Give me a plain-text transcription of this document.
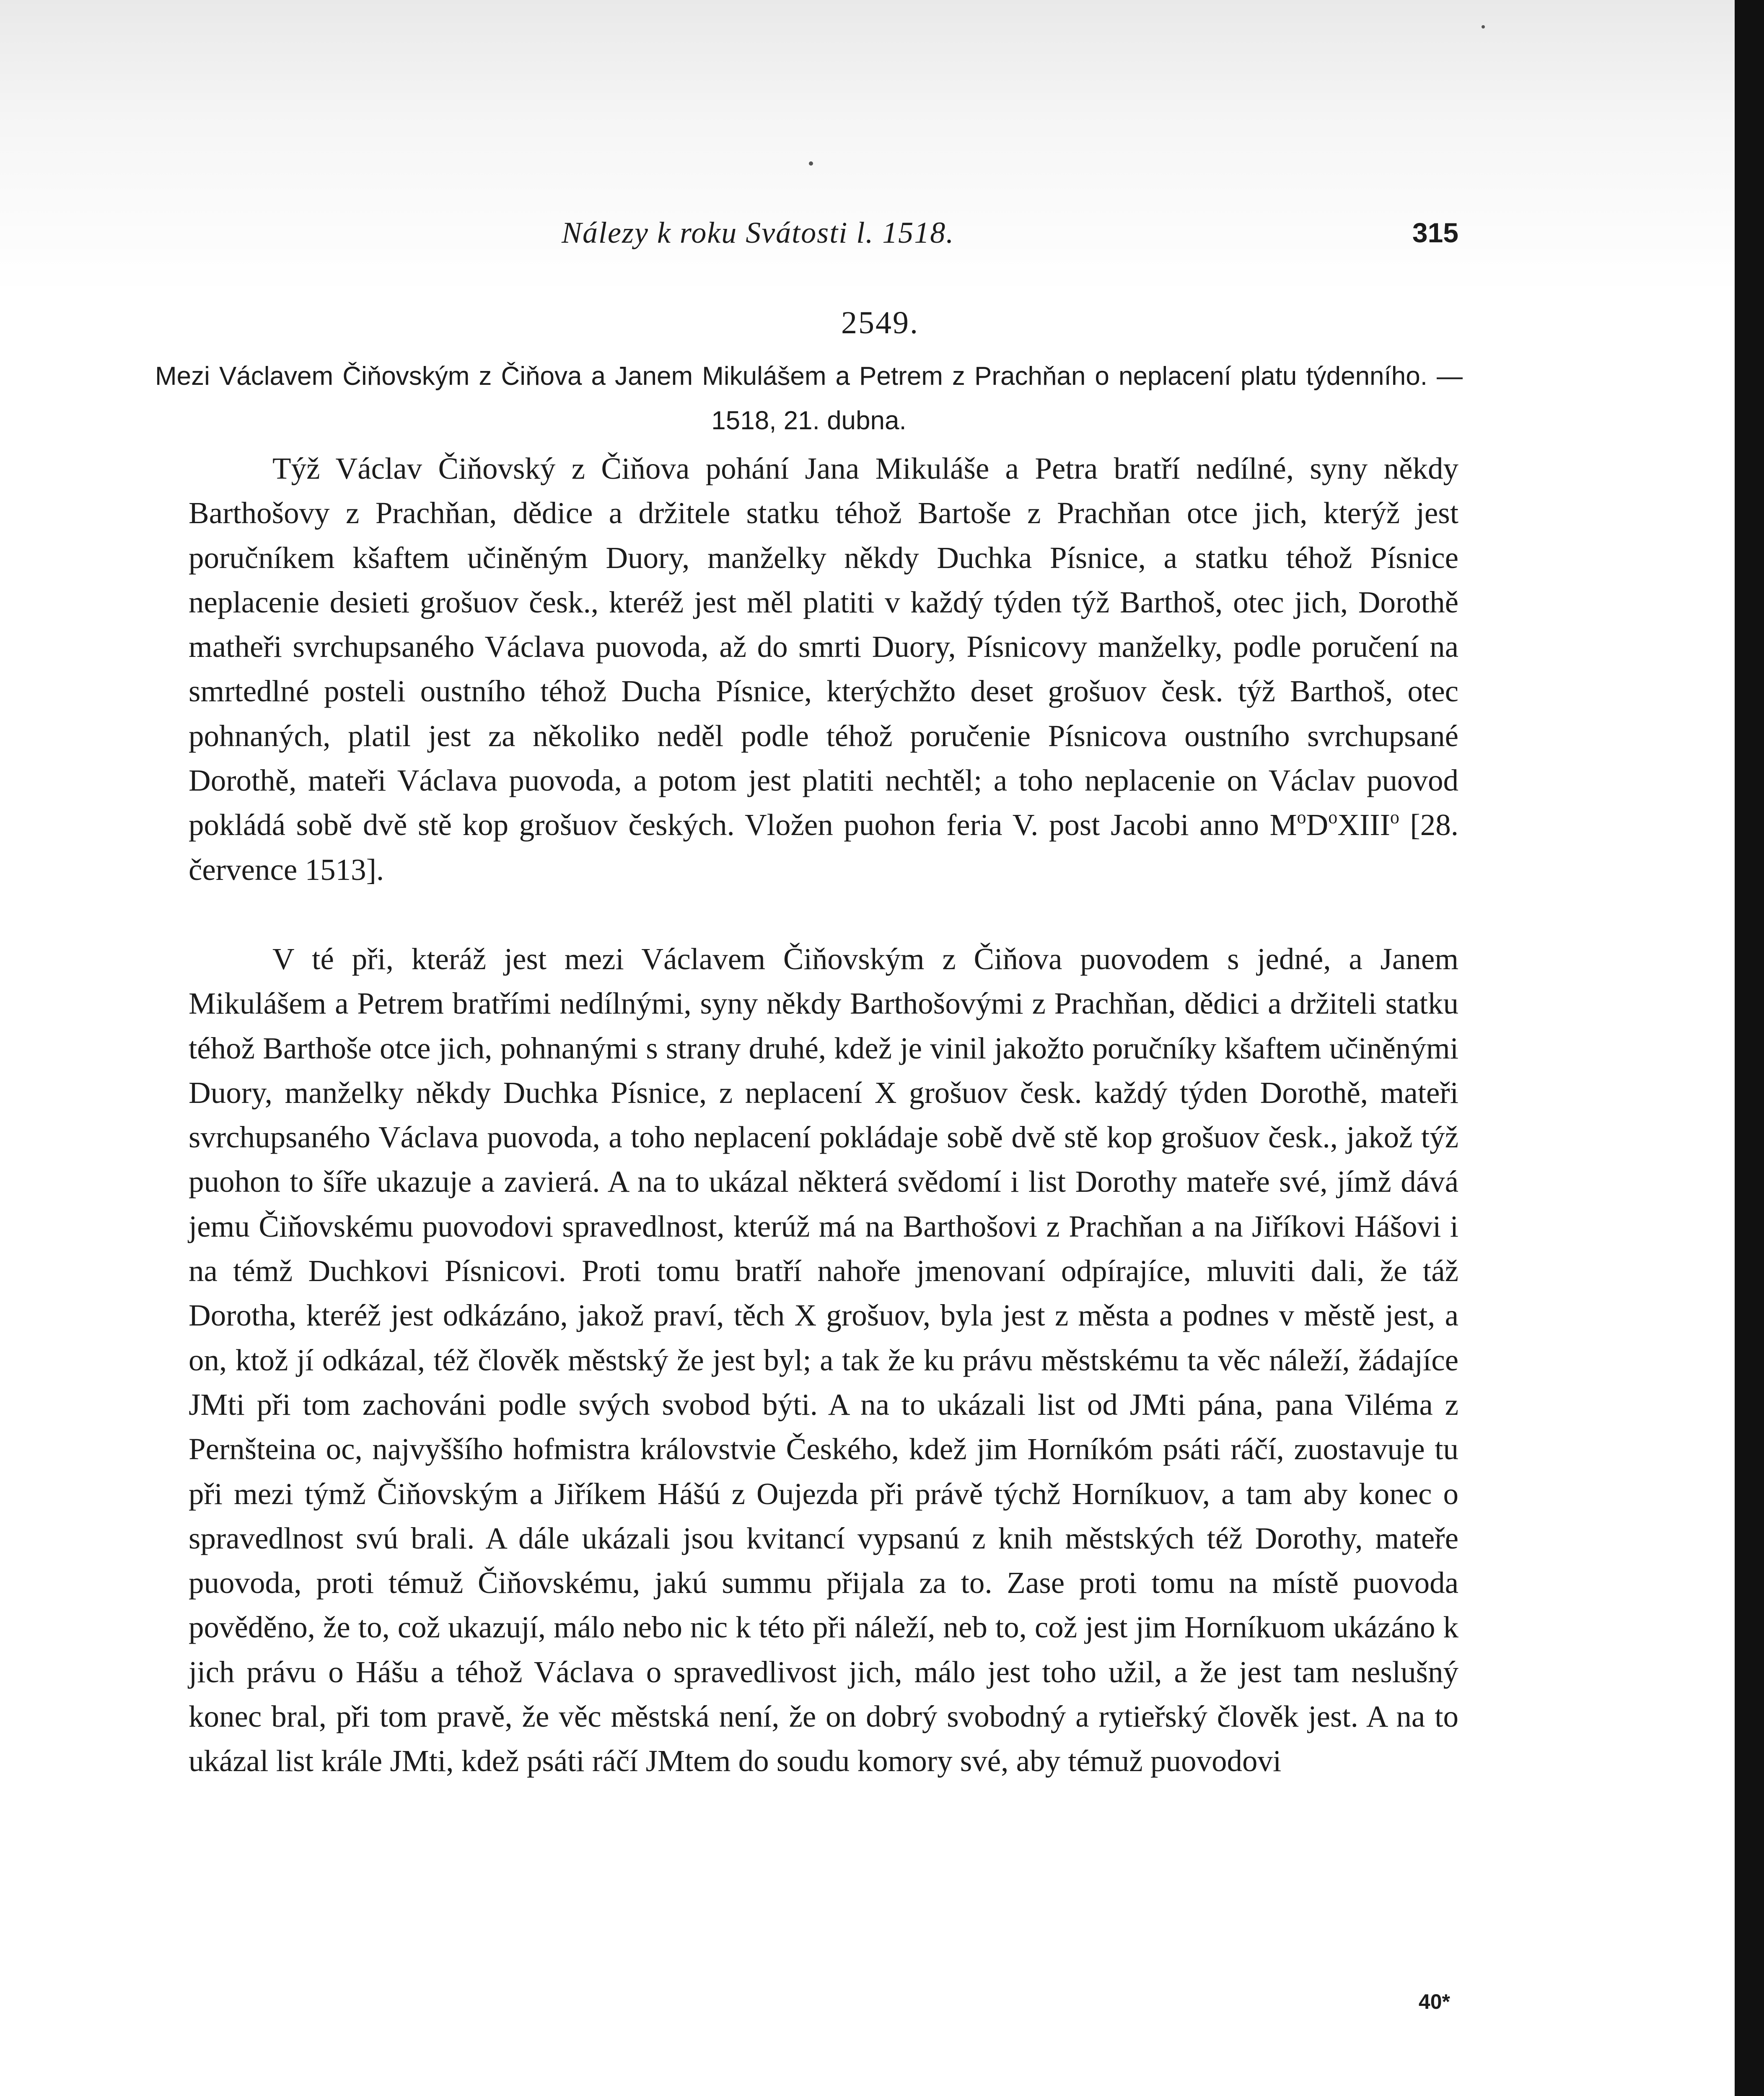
Nálezy k roku Svátosti l. 1518.	315
2549.
Mezi Václavem Čiňovským z Čiňova a Janem Mikulášem a Petrem z Prachňan o neplacení platu týdenního. — 1518, 21. dubna.

Týž Václav Čiňovský z Čiňova pohání Jana Mikuláše a Petra bratří nedílné, syny někdy Barthošovy z Prachňan, dědice a držitele statku téhož Bartoše z Prachňan otce jich, kterýž jest poručníkem kšaftem učiněným Duory, manželky někdy Duchka Písnice, a statku téhož Písnice neplacenie desieti grošuov česk., kteréž jest měl platiti v každý týden týž Barthoš, otec jich, Dorothě matheři svrchupsaného Václava puovoda, až do smrti Duory, Písnicovy manželky, podle poručení na smrtedlné posteli oustního téhož Ducha Písnice, kterýchžto deset grošuov česk. týž Barthoš, otec pohnaných, platil jest za několiko neděl podle téhož poručenie Písnicova oustního svrchupsané Dorothě, mateři Václava puovoda, a potom jest platiti nechtěl; a toho neplacenie on Václav puovod pokládá sobě dvě stě kop grošuov českých. Vložen puohon feria V. post Jacobi anno $M^oD^oXIII^o$ [28. července 1513].

V té při, kteráž jest mezi Václavem Čiňovským z Čiňova puovodem s jedné, a Janem Mikulášem a Petrem bratřími nedílnými, syny někdy Barthošovými z Prachňan, dědici a držiteli statku téhož Barthoše otce jich, pohnanými s strany druhé, kdež je vinil jakožto poručníky kšaftem učiněnými Duory, manželky někdy Duchka Písnice, z neplacení X grošuov česk. každý týden Dorothě, mateři svrchupsaného Václava puovoda, a toho neplacení pokládaje sobě dvě stě kop grošuov česk., jakož týž puohon to šíře ukazuje a zavierá. A na to ukázal některá svědomí i list Dorothy mateře své, jímž dává jemu Čiňovskému puovodovi spravedlnost, kterúž má na Barthošovi z Prachňan a na Jiříkovi Hášovi i na témž Duchkovi Písnicovi. Proti tomu bratří nahoře jmenovaní odpírajíce, mluviti dali, že táž Dorotha, kteréž jest odkázáno, jakož praví, těch X grošuov, byla jest z města a podnes v městě jest, a on, ktož jí odkázal, též člověk městský že jest byl; a tak že ku právu městskému ta věc náleží, žádajíce JMti při tom zachováni podle svých svobod býti. A na to ukázali list od JMti pána, pana Viléma z Pernšteina oc, najvyššího hofmistra královstvie Českého, kdež jim Horníkóm psáti ráčí, zuostavuje tu při mezi týmž Čiňovským a Jiříkem Hášú z Oujezda při právě týchž Horníkuov, a tam aby konec o spravedlnost svú brali. A dále ukázali jsou kvitancí vypsanú z knih městských též Dorothy, mateře puovoda, proti témuž Čiňovskému, jakú summu přijala za to. Zase proti tomu na místě puovoda pověděno, že to, což ukazují, málo nebo nic k této při náleží, neb to, což jest jim Horníkuom ukázáno k jich právu o Hášu a téhož Václava o spravedlivost jich, málo jest toho užil, a že jest tam neslušný konec bral, při tom pravě, že věc městská není, že on dobrý svobodný a rytieřský člověk jest. A na to ukázal list krále JMti, kdež psáti ráčí JMtem do soudu komory své, aby témuž puovodovi

40*
